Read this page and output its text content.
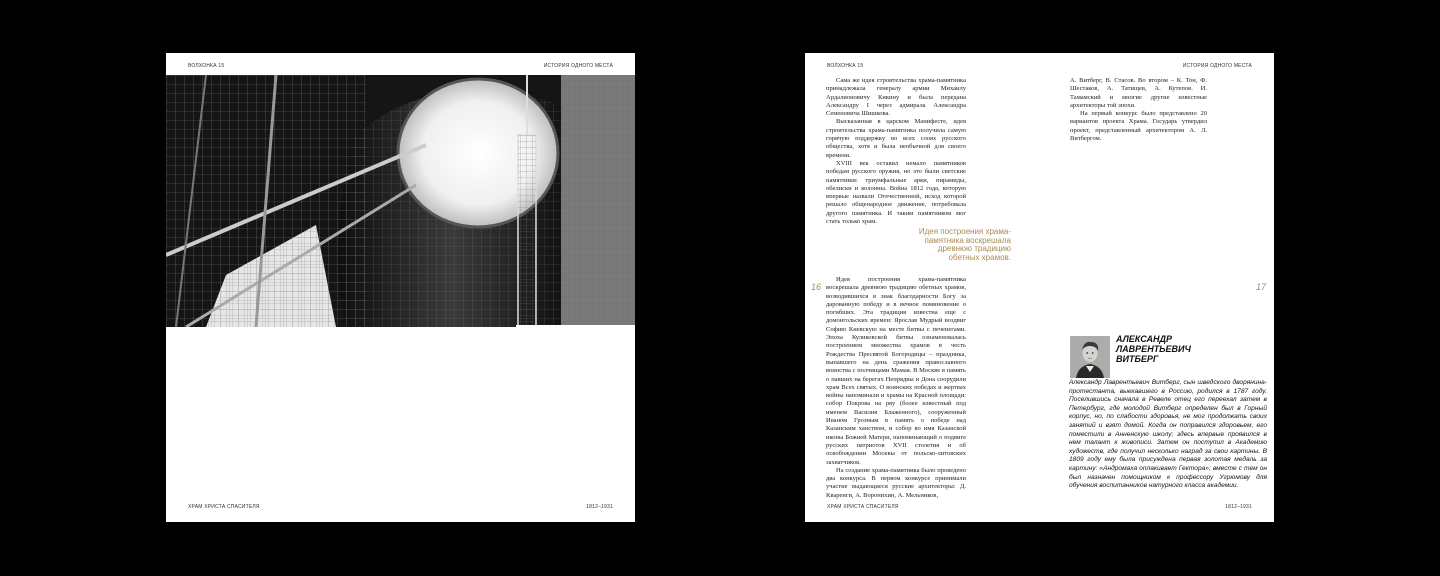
ВОЛХОНКА 15	ИСТОРИЯ ОДНОГО МЕСТА
ХРАМ ХРИСТА СПАСИТЕЛЯ	1812–1931
ВОЛХОНКА 15	ИСТОРИЯ ОДНОГО МЕСТА

Сама же идея строительства храма-памятника принадлежала генералу армии Михаилу Ардалионовичу Кикину и была передана Александру I через адмирала Александра Семеновича Шишкова.

Высказанная в царском Манифесте, идея строительства храма-памятника получила самую горячую поддержку во всех слоях русского общества, хотя и была необычной для своего времени.

XVIII век оставил немало памятников победам русского оружия, но это были светские памятники: триумфальные арки, пирамиды, обелиски и колонны. Война 1812 года, которую впервые назвали Отечественной, исход которой решало общенародное движение, потребовала другого памятника. И таким памятником мог стать только храм.

Идея построения храма-памятника воскрешала древнюю традицию обетных храмов.
16	17

Идея построения храма-памятника воскрешала древнюю традицию обетных храмов, возводившихся в знак благодарности Богу за дарованную победу и в вечное поминовение о погибших. Эта традиция известна еще с домонгольских времен: Ярослав Мудрый воздвиг Софию Киевскую на месте битвы с печенегами. Эпоха Куликовской битвы ознаменовалась построением множества храмов в честь Рождества Пресвятой Богородицы – праздника, выпавшего на день сражения православного воинства с полчищами Мамая. В Москве в память о павших на берегах Непрядвы и Дона соорудили храм Всех святых. О воинских победах и жертвах войны напоминали и храмы на Красной площади: собор Покрова на рву (более известный под именем Василия Блаженного), сооруженный Иваном Грозным в память о победе над Казанским ханством, и собор во имя Казанской иконы Божией Матери, напоминающий о подвиге русских патриотов XVII столетия и об освобождении Москвы от польско-литовских захватчиков.

На создание храма-памятника было проведено два конкурса. В первом конкурсе принимали участие выдающиеся русские архитекторы: Д. Кваренги, А. Воронихин, А. Мельников,

А. Витберг, В. Стасов. Во втором – К. Тон, Ф. Шестаков, А. Татищев, А. Кутепов. И. Тамамский и многие другие известные архитекторы той эпохи.

На первый конкурс было представлено 20 вариантов проекта Храма. Государь утвердил проект, представленный архитектором А. Л. Витбергом.

АЛЕКСАНДР ЛАВРЕНТЬЕВИЧ ВИТБЕРГ
Александр Лаврентьевич Витберг, сын шведского дворянина-протестанта, выехавшего в Россию, родился в 1787 году. Поселившись сначала в Ревеле отец его переехал затем в Петербург, где молодой Витберг определен был в Горный корпус, но, по слабости здоровья, не мог продолжать своих занятий и взят домой. Когда он поправился здоровьем, его поместили в Анненскую школу; здесь впервые проявился в нем талант к живописи. Затем он поступил в Академию художеств, где получил несколько наград за свои картины. В 1809 году ему была присуждена первая золотая медаль за картину: «Андромаха оплакивает Гектора»; вместе с тем он был назначен помощником к профессору Угрюмову для обучения воспитанников натурного класса академии.
ХРАМ ХРИСТА СПАСИТЕЛЯ	1812–1931
